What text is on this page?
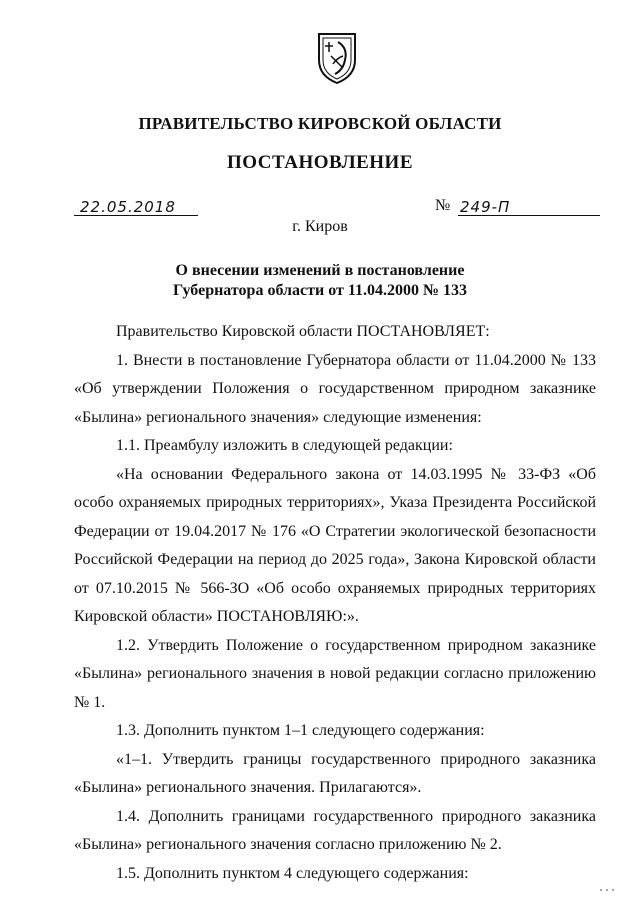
ПРАВИТЕЛЬСТВО КИРОВСКОЙ ОБЛАСТИ
ПОСТАНОВЛЕНИЕ
22.05.2018	№ 249-П
г. Киров
О внесении изменений в постановление
Губернатора области от 11.04.2000 № 133

Правительство Кировской области ПОСТАНОВЛЯЕТ:

1. Внести в постановление Губернатора области от 11.04.2000 № 133 «Об утверждении Положения о государственном природном заказнике «Былина» регионального значения» следующие изменения:

1.1. Преамбулу изложить в следующей редакции:

«На основании Федерального закона от 14.03.1995 № 33-ФЗ «Об особо охраняемых природных территориях», Указа Президента Российской Федерации от 19.04.2017 № 176 «О Стратегии экологической безопасности Российской Федерации на период до 2025 года», Закона Кировской области от 07.10.2015 № 566-ЗО «Об особо охраняемых природных территориях Кировской области» ПОСТАНОВЛЯЮ:».

1.2. Утвердить Положение о государственном природном заказнике «Былина» регионального значения в новой редакции согласно приложению № 1.

1.3. Дополнить пунктом 1–1 следующего содержания:

«1–1. Утвердить границы государственного природного заказника «Былина» регионального значения. Прилагаются».

1.4. Дополнить границами государственного природного заказника «Былина» регионального значения согласно приложению № 2.

1.5. Дополнить пунктом 4 следующего содержания:
